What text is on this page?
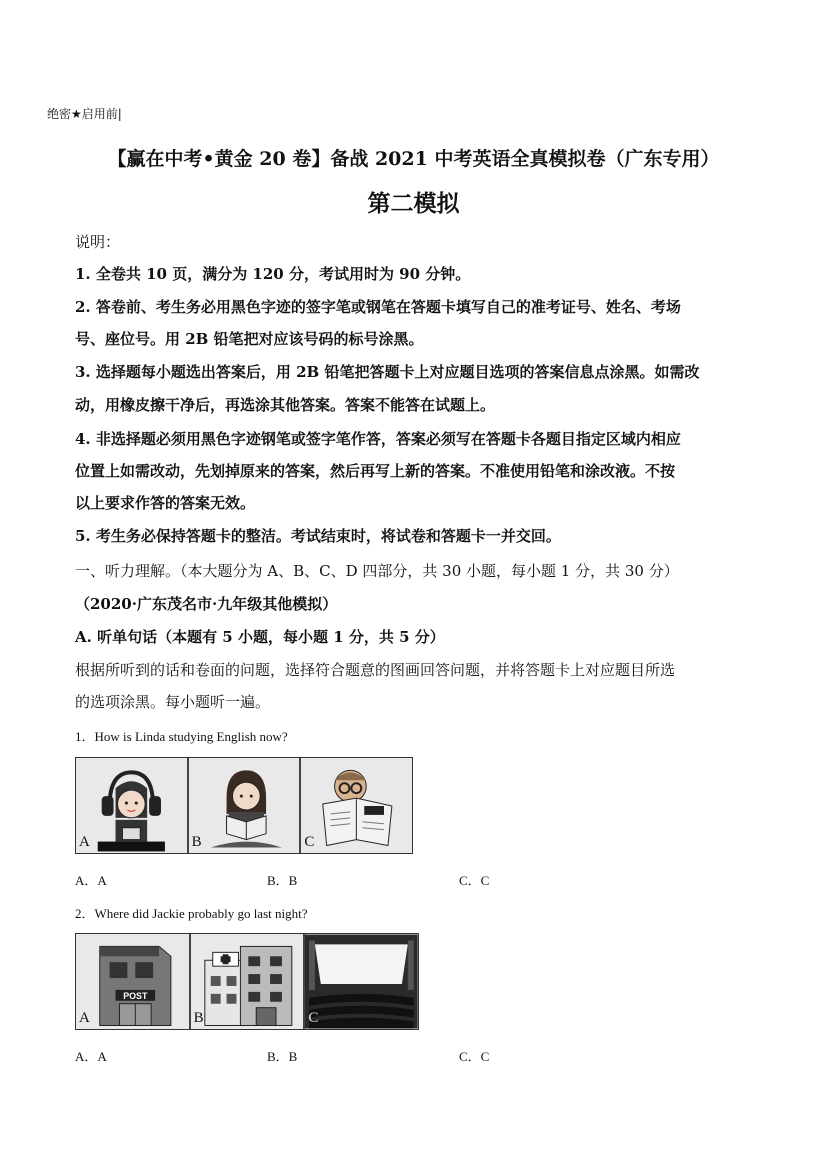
绝密★启用前|
【赢在中考•黄金 20 卷】备战 2021 中考英语全真模拟卷（广东专用）
第二模拟
说明：
1. 全卷共 10 页，满分为 120 分，考试用时为 90 分钟。
2. 答卷前、考生务必用黑色字迹的签字笔或钢笔在答题卡填写自己的准考证号、姓名、考场
号、座位号。用 2B 铅笔把对应该号码的标号涂黑。
3. 选择题每小题选出答案后，用 2B 铅笔把答题卡上对应题目选项的答案信息点涂黑。如需改
动，用橡皮擦干净后，再选涂其他答案。答案不能答在试题上。
4. 非选择题必须用黑色字迹钢笔或签字笔作答，答案必须写在答题卡各题目指定区域内相应
位置上如需改动，先划掉原来的答案，然后再写上新的答案。不准使用铅笔和涂改液。不按
以上要求作答的答案无效。
5. 考生务必保持答题卡的整洁。考试结束时，将试卷和答题卡一并交回。
一、听力理解。（本大题分为 A、B、C、D 四部分，共 30 小题，每小题 1 分，共 30 分）
（2020·广东茂名市·九年级其他模拟）
A. 听单句话（本题有 5 小题，每小题 1 分，共 5 分）
根据所听到的话和卷面的问题，选择符合题意的图画回答问题，并将答题卡上对应题目所选
的选项涂黑。每小题听一遍。
1．How is Linda studying English now?
A	B	C
A．A	B．B	C．C
2．Where did Jackie probably go last night?
POST
A	B	C
A．A	B．B	C．C
